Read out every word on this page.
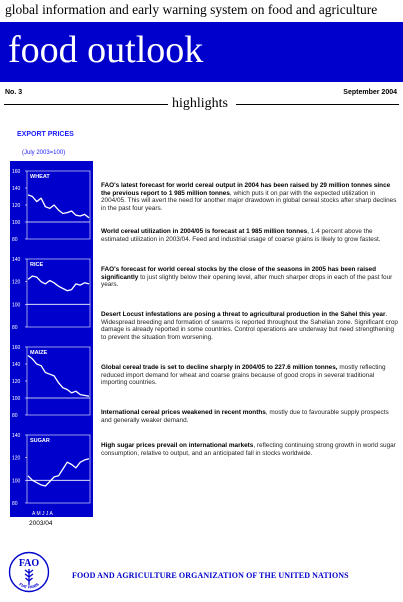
global information and early warning system on food and agriculture
food outlook
No. 3	September 2004
highlights
EXPORT PRICES
(July 2003=100)
WHEAT
80
100
120
140
160
RICE
80
100
120
140
MAIZE
80
100
120
140
160
SUGAR
80
100
120
140
A M J J A
2003/04
FAO's latest forecast for world cereal output in 2004 has been raised by 29 million tonnes since the previous report to 1 985 million tonnes, which puts it on par with the expected utilization in 2004/05. This will avert the need for another major drawdown in global cereal stocks after sharp declines in the past four years.
World cereal utilization in 2004/05 is forecast at 1 985 million tonnes, 1.4 percent above the estimated utilization in 2003/04. Feed and industrial usage of coarse grains is likely to grow fastest.
FAO's forecast for world cereal stocks by the close of the seasons in 2005 has been raised significantly to just slightly below their opening level, after much sharper drops in each of the past four years.
Desert Locust infestations are posing a threat to agricultural production in the Sahel this year. Widespread breeding and formation of swarms is reported throughout the Sahelian zone. Significant crop damage is already reported in some countries. Control operations are underway but need strengthening to prevent the situation from worsening.
Global cereal trade is set to decline sharply in 2004/05 to 227.6 million tonnes, mostly reflecting reduced import demand for wheat and coarse grains because of good crops in several traditional importing countries.
International cereal prices weakened in recent months, mostly due to favourable supply prospects and generally weaker demand.
High sugar prices prevail on international markets, reflecting continuing strong growth in world sugar consumption, relative to output, and an anticipated fall in stocks worldwide.
FAO
FIAT PANIS
FOOD AND AGRICULTURE ORGANIZATION OF THE UNITED NATIONS
